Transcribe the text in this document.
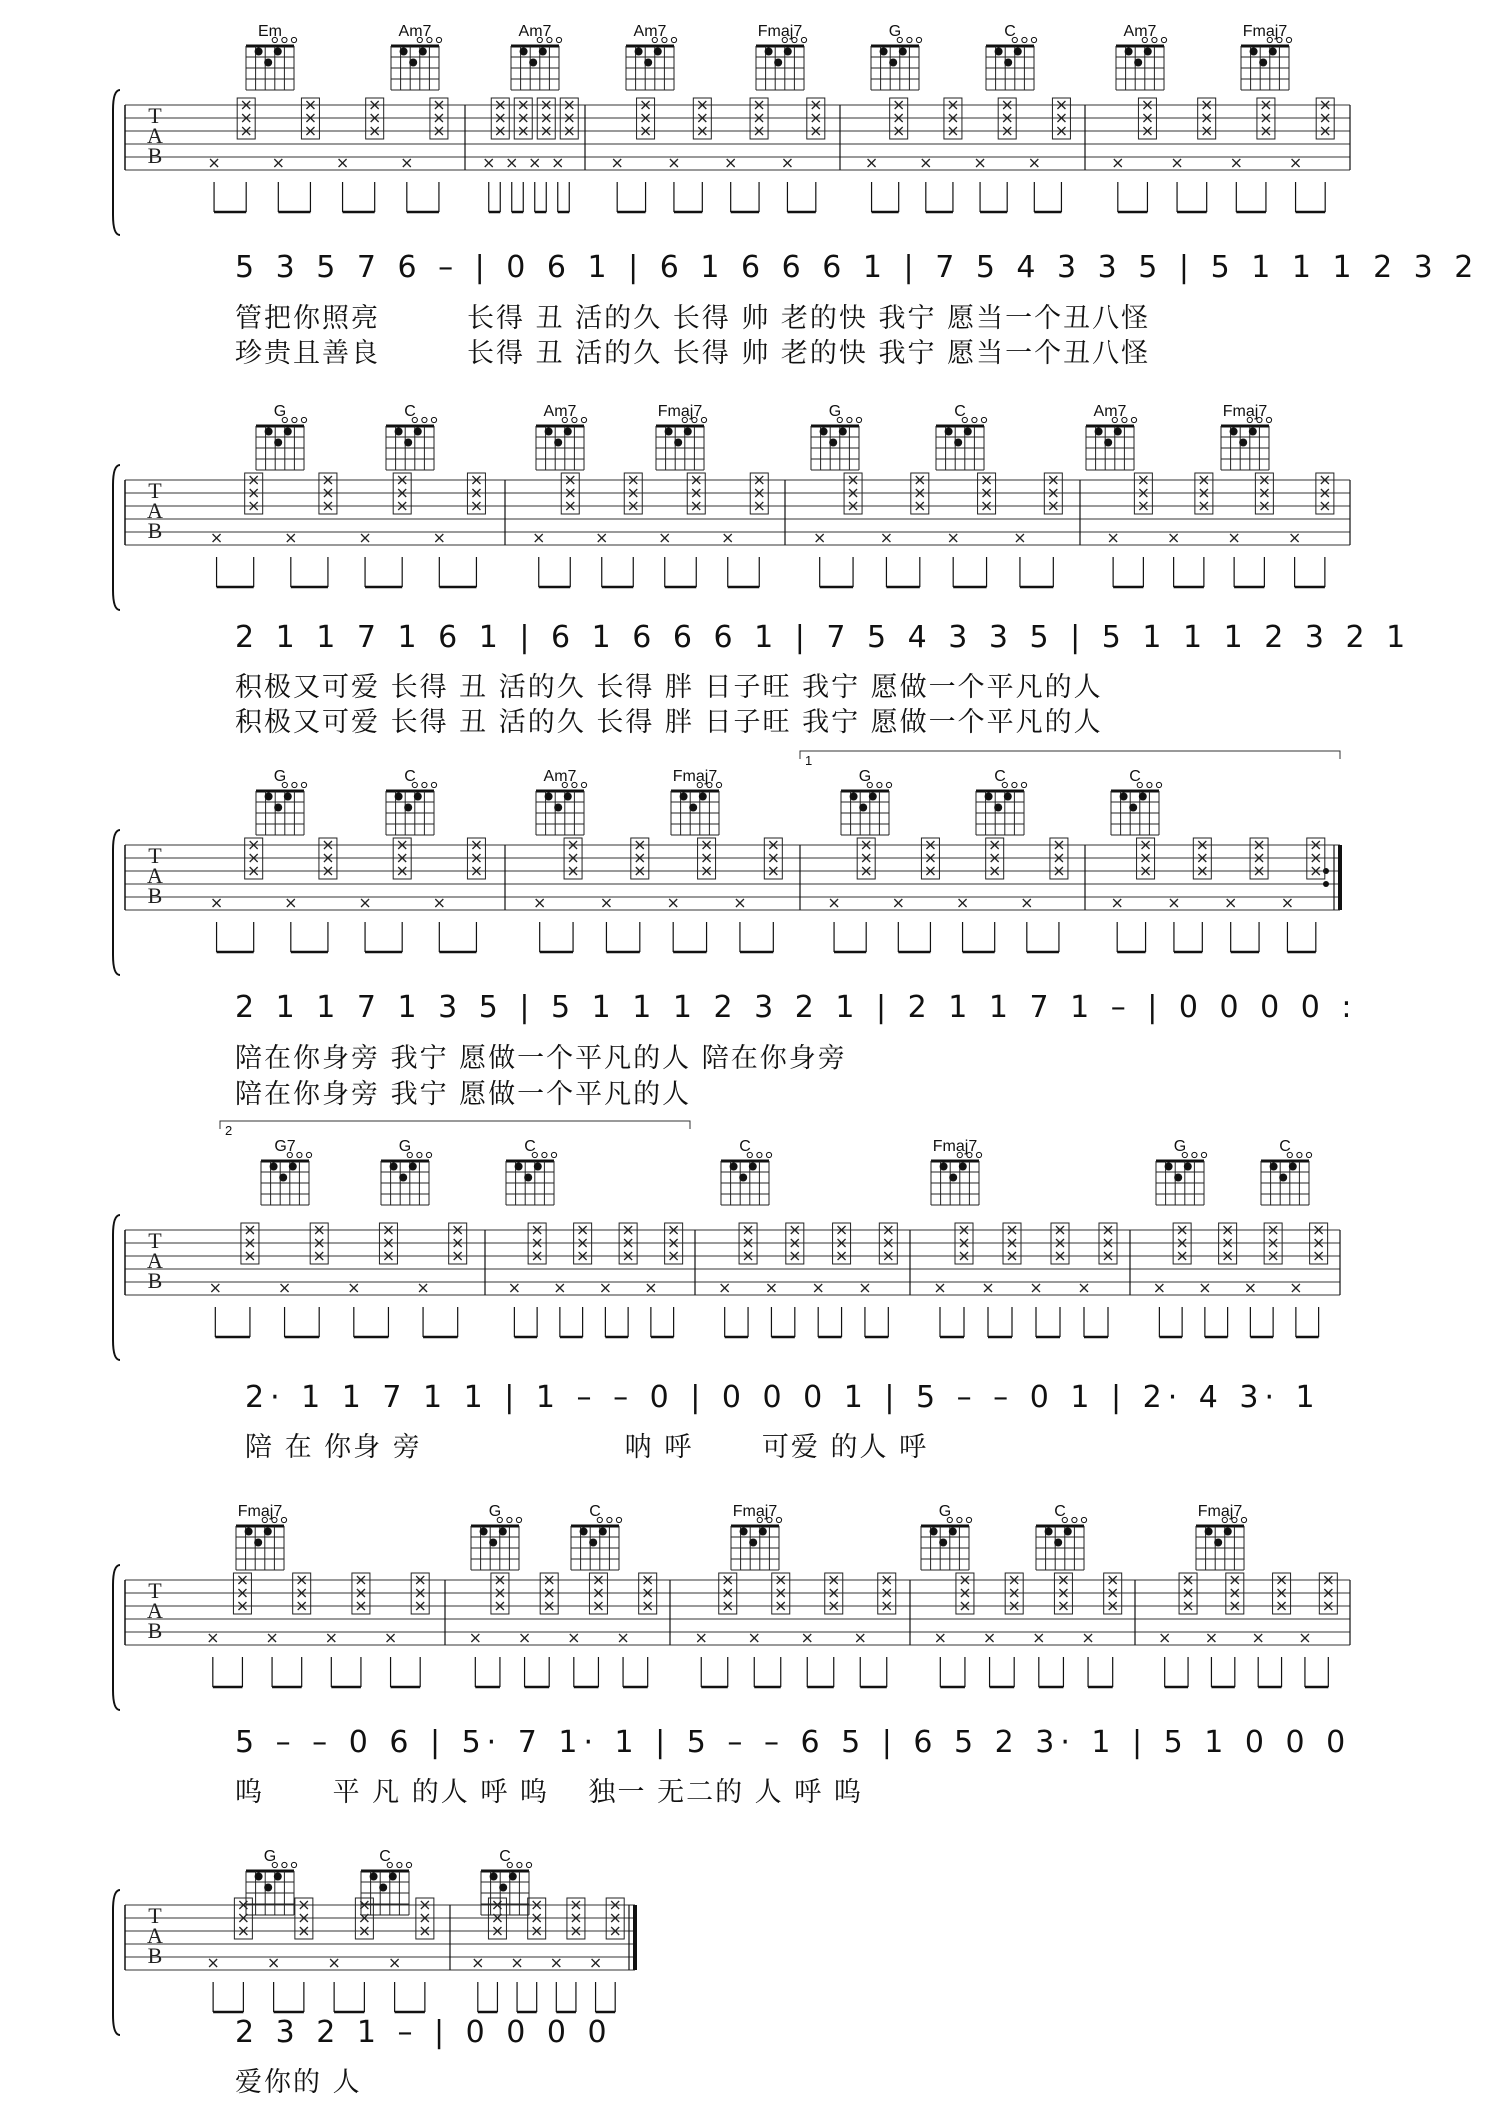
T
A
B
Em	Am7	Am7	Am7	Fmaj7	G	C	Am7	Fmaj7
5 3 5 7 6 – | 0 6 1 | 6 1 6 6 6 1 | 7 5 4 3 3 5 | 5 1 1 1 2 3 2
管把你照亮　　　长得 丑 活的久 长得 帅 老的快 我宁 愿当一个丑八怪
珍贵且善良　　　长得 丑 活的久 长得 帅 老的快 我宁 愿当一个丑八怪
T
A
B
G	C	Am7	Fmaj7	G	C	Am7	Fmaj7
2 1 1 7 1 6 1 | 6 1 6 6 6 1 | 7 5 4 3 3 5 | 5 1 1 1 2 3 2 1
积极又可爱 长得 丑 活的久 长得 胖 日子旺 我宁 愿做一个平凡的人
积极又可爱 长得 丑 活的久 长得 胖 日子旺 我宁 愿做一个平凡的人
T
A
B
1
G	C	Am7	Fmaj7	G	C	C
2 1 1 7 1 3 5 | 5 1 1 1 2 3 2 1 | 2 1 1 7 1 – | 0 0 0 0 :
陪在你身旁 我宁 愿做一个平凡的人 陪在你身旁
陪在你身旁 我宁 愿做一个平凡的人
T
A
B
2
G7	G	C	C	Fmaj7	G	C
2· 1 1 7 1 1 | 1 – – 0 | 0 0 0 1 | 5 – – 0 1 | 2· 4 3· 1
陪 在 你身 旁　　　　　　　呐 呼　　 可爱 的人 呼
T
A
B
Fmaj7	G	C	Fmaj7	G	C	Fmaj7
5 – – 0 6 | 5· 7 1· 1 | 5 – – 6 5 | 6 5 2 3· 1 | 5 1 0 0 0
呜　　 平 凡 的人 呼 呜　 独一 无二的 人 呼 呜
T
A
B
G	C	C
2 3 2 1 – | 0 0 0 0
爱你的 人
